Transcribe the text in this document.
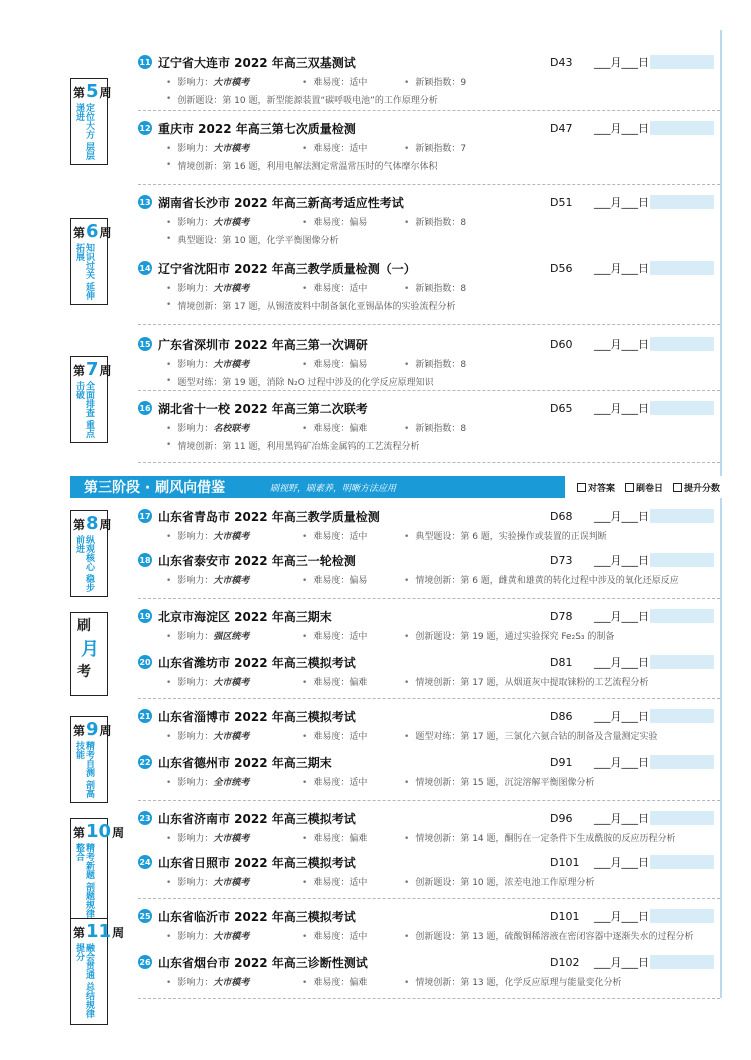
第 5 周
定位大方 层层递进
第 6 周
知识过关 延伸拓展
第 7 周
全面排查 重点击破
第 8 周
纵观核心 稳步前进
刷
月
考
第 9 周
精考自测 剖高技能
第 10 周
精考新题 剖题规律 整合
第 11 周
融会贯通 总结规律 提分
第三阶段 · 刷风向借鉴	刷视野，刷素养，明晰方法应用	对答案	刷卷日	提升分数
11 辽宁省大连市 2022 年高三双基测试	D43	___月___日
• 影响力：大市模考	• 难易度：适中	• 新颖指数：9
• 创新题设：第 10 题，新型能源装置“碳呼吸电池”的工作原理分析
12 重庆市 2022 年高三第七次质量检测	D47	___月___日
• 影响力：大市模考	• 难易度：适中	• 新颖指数：7
• 情境创新：第 16 题，利用电解法测定常温常压时的气体摩尔体积
13 湖南省长沙市 2022 年高三新高考适应性考试	D51	___月___日
• 影响力：大市模考	• 难易度：偏易	• 新颖指数：8
• 典型题设：第 10 题，化学平衡图像分析
14 辽宁省沈阳市 2022 年高三教学质量检测（一）	D56	___月___日
• 影响力：大市模考	• 难易度：适中	• 新颖指数：8
• 情境创新：第 17 题，从锡渣废料中制备氯化亚锡晶体的实验流程分析
15 广东省深圳市 2022 年高三第一次调研	D60	___月___日
• 影响力：大市模考	• 难易度：偏易	• 新颖指数：8
• 题型对练：第 19 题，消除 N₂O 过程中涉及的化学反应原理知识
16 湖北省十一校 2022 年高三第二次联考	D65	___月___日
• 影响力：名校联考	• 难易度：偏难	• 新颖指数：8
• 情境创新：第 11 题，利用黑钨矿冶炼金属钨的工艺流程分析
17 山东省青岛市 2022 年高三教学质量检测	D68	___月___日
• 影响力：大市模考	• 难易度：适中	• 典型题设：第 6 题，实验操作或装置的正误判断
18 山东省泰安市 2022 年高三一轮检测	D73	___月___日
• 影响力：大市模考	• 难易度：偏易	• 情境创新：第 6 题，雌黄和雄黄的转化过程中涉及的氧化还原反应
19 北京市海淀区 2022 年高三期末	D78	___月___日
• 影响力：强区统考	• 难易度：适中	• 创新题设：第 19 题，通过实验探究 Fe₂S₃ 的制备
20 山东省潍坊市 2022 年高三模拟考试	D81	___月___日
• 影响力：大市模考	• 难易度：偏难	• 情境创新：第 17 题，从烟道灰中提取铼粉的工艺流程分析
21 山东省淄博市 2022 年高三模拟考试	D86	___月___日
• 影响力：大市模考	• 难易度：适中	• 题型对练：第 17 题，三氯化六氨合钴的制备及含量测定实验
22 山东省德州市 2022 年高三期末	D91	___月___日
• 影响力：全市统考	• 难易度：适中	• 情境创新：第 15 题，沉淀溶解平衡图像分析
23 山东省济南市 2022 年高三模拟考试	D96	___月___日
• 影响力：大市模考	• 难易度：偏难	• 情境创新：第 14 题，酮肟在一定条件下生成酰胺的反应历程分析
24 山东省日照市 2022 年高三模拟考试	D101	___月___日
• 影响力：大市模考	• 难易度：适中	• 创新题设：第 10 题，浓差电池工作原理分析
25 山东省临沂市 2022 年高三模拟考试	D101	___月___日
• 影响力：大市模考	• 难易度：适中	• 创新题设：第 13 题，硫酸铜稀溶液在密闭容器中逐渐失水的过程分析
26 山东省烟台市 2022 年高三诊断性测试	D102	___月___日
• 影响力：大市模考	• 难易度：偏难	• 情境创新：第 13 题，化学反应原理与能量变化分析
